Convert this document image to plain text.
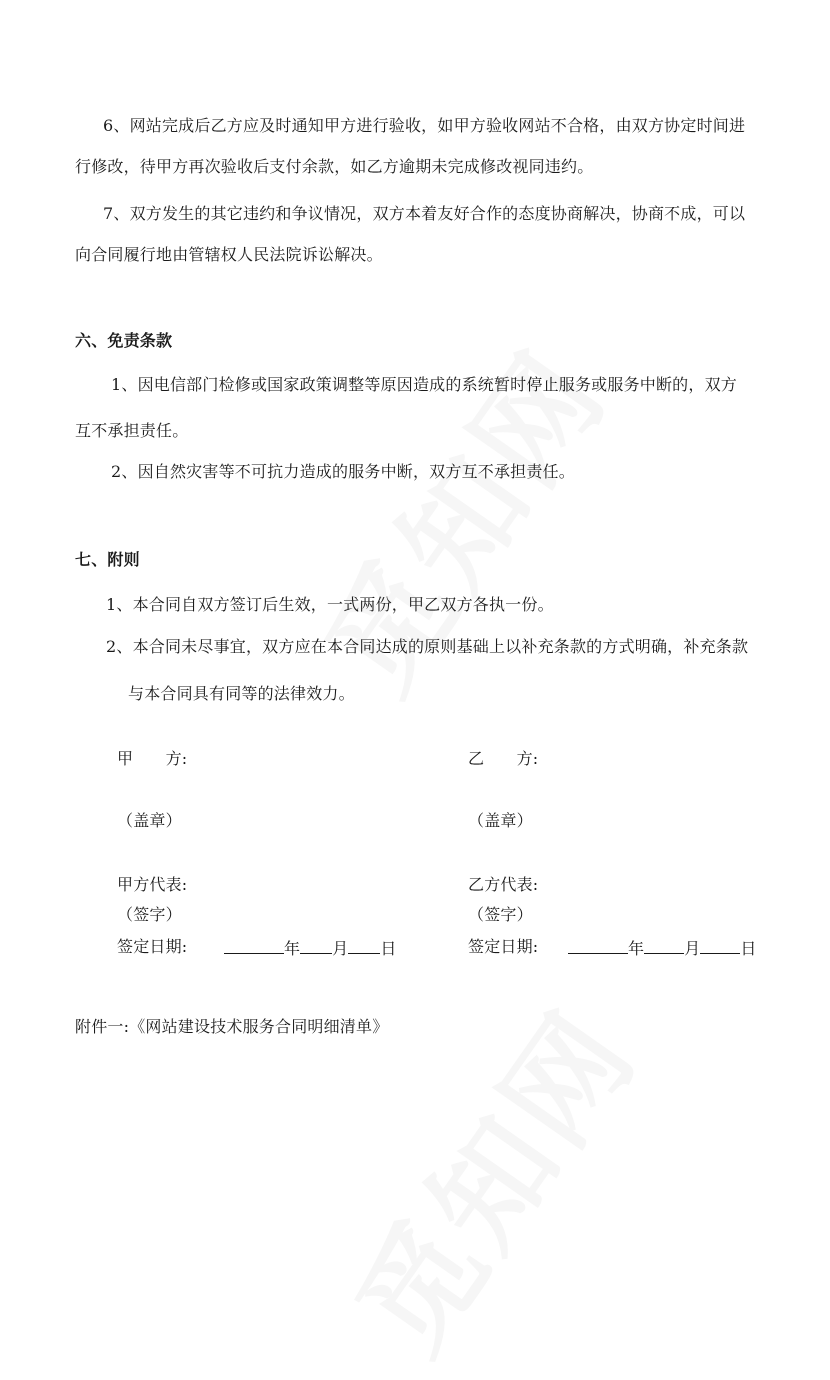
6、网站完成后乙方应及时通知甲方进行验收，如甲方验收网站不合格，由双方协定时间进
行修改，待甲方再次验收后支付余款，如乙方逾期未完成修改视同违约。
7、双方发生的其它违约和争议情况，双方本着友好合作的态度协商解决，协商不成，可以
向合同履行地由管辖权人民法院诉讼解决。
六、免责条款
1、因电信部门检修或国家政策调整等原因造成的系统暂时停止服务或服务中断的，双方
互不承担责任。
2、因自然灾害等不可抗力造成的服务中断，双方互不承担责任。
七、附则
1、本合同自双方签订后生效，一式两份，甲乙双方各执一份。
2、本合同未尽事宜，双方应在本合同达成的原则基础上以补充条款的方式明确，补充条款
与本合同具有同等的法律效力。
甲　　方:
（盖章）
甲方代表:
（签字）
签定日期:	年 月 日
乙　　方:
（盖章）
乙方代表:
（签字）
签定日期:	年	月	日
附件一:《网站建设技术服务合同明细清单》
